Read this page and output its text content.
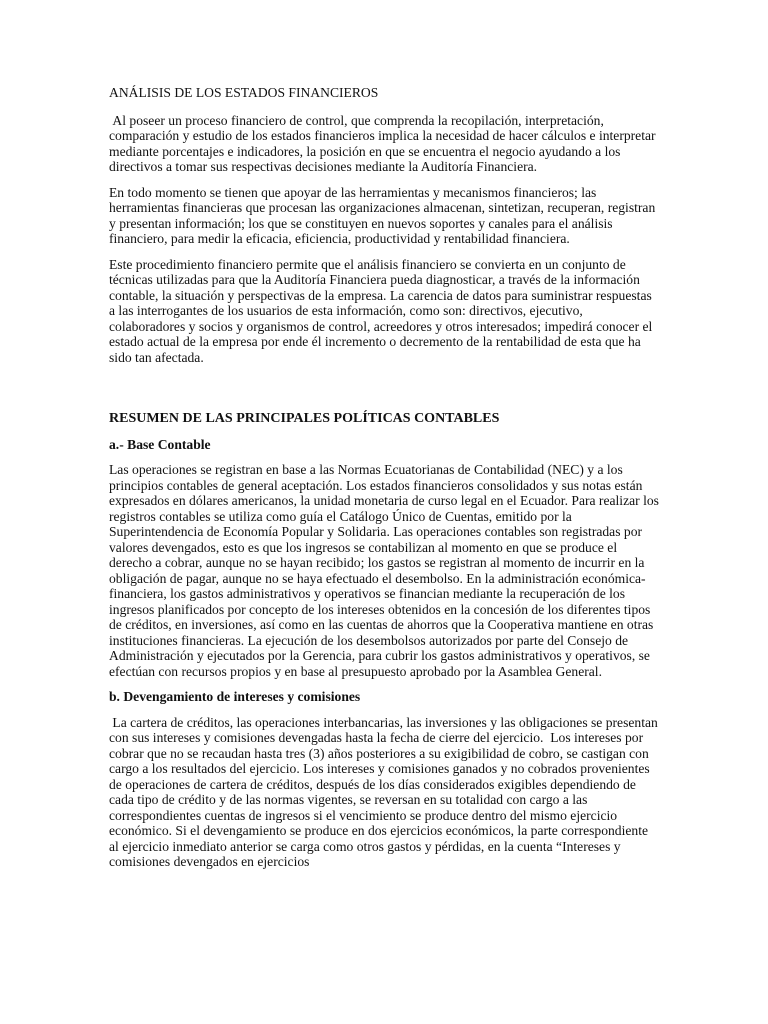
ANÁLISIS DE LOS ESTADOS FINANCIEROS

Al poseer un proceso financiero de control, que comprenda la recopilación, interpretación, comparación y estudio de los estados financieros implica la necesidad de hacer cálculos e interpretar mediante porcentajes e indicadores, la posición en que se encuentra el negocio ayudando a los directivos a tomar sus respectivas decisiones mediante la Auditoría Financiera.

En todo momento se tienen que apoyar de las herramientas y mecanismos financieros; las herramientas financieras que procesan las organizaciones almacenan, sintetizan, recuperan, registran y presentan información; los que se constituyen en nuevos soportes y canales para el análisis financiero, para medir la eficacia, eficiencia, productividad y rentabilidad financiera.

Este procedimiento financiero permite que el análisis financiero se convierta en un conjunto de técnicas utilizadas para que la Auditoría Financiera pueda diagnosticar, a través de la información contable, la situación y perspectivas de la empresa. La carencia de datos para suministrar respuestas a las interrogantes de los usuarios de esta información, como son: directivos, ejecutivo, colaboradores y socios y organismos de control, acreedores y otros interesados; impedirá conocer el estado actual de la empresa por ende él incremento o decremento de la rentabilidad de esta que ha sido tan afectada.

RESUMEN DE LAS PRINCIPALES POLÍTICAS CONTABLES
a.- Base Contable

Las operaciones se registran en base a las Normas Ecuatorianas de Contabilidad (NEC) y a los principios contables de general aceptación. Los estados financieros consolidados y sus notas están expresados en dólares americanos, la unidad monetaria de curso legal en el Ecuador. Para realizar los registros contables se utiliza como guía el Catálogo Único de Cuentas, emitido por la Superintendencia de Economía Popular y Solidaria. Las operaciones contables son registradas por valores devengados, esto es que los ingresos se contabilizan al momento en que se produce el derecho a cobrar, aunque no se hayan recibido; los gastos se registran al momento de incurrir en la obligación de pagar, aunque no se haya efectuado el desembolso. En la administración económica-financiera, los gastos administrativos y operativos se financian mediante la recuperación de los ingresos planificados por concepto de los intereses obtenidos en la concesión de los diferentes tipos de créditos, en inversiones, así como en las cuentas de ahorros que la Cooperativa mantiene en otras instituciones financieras. La ejecución de los desembolsos autorizados por parte del Consejo de Administración y ejecutados por la Gerencia, para cubrir los gastos administrativos y operativos, se efectúan con recursos propios y en base al presupuesto aprobado por la Asamblea General.

b. Devengamiento de intereses y comisiones

La cartera de créditos, las operaciones interbancarias, las inversiones y las obligaciones se presentan con sus intereses y comisiones devengadas hasta la fecha de cierre del ejercicio.  Los intereses por cobrar que no se recaudan hasta tres (3) años posteriores a su exigibilidad de cobro, se castigan con cargo a los resultados del ejercicio. Los intereses y comisiones ganados y no cobrados provenientes de operaciones de cartera de créditos, después de los días considerados exigibles dependiendo de cada tipo de crédito y de las normas vigentes, se reversan en su totalidad con cargo a las correspondientes cuentas de ingresos si el vencimiento se produce dentro del mismo ejercicio económico. Si el devengamiento se produce en dos ejercicios económicos, la parte correspondiente al ejercicio inmediato anterior se carga como otros gastos y pérdidas, en la cuenta “Intereses y comisiones devengados en ejercicios
